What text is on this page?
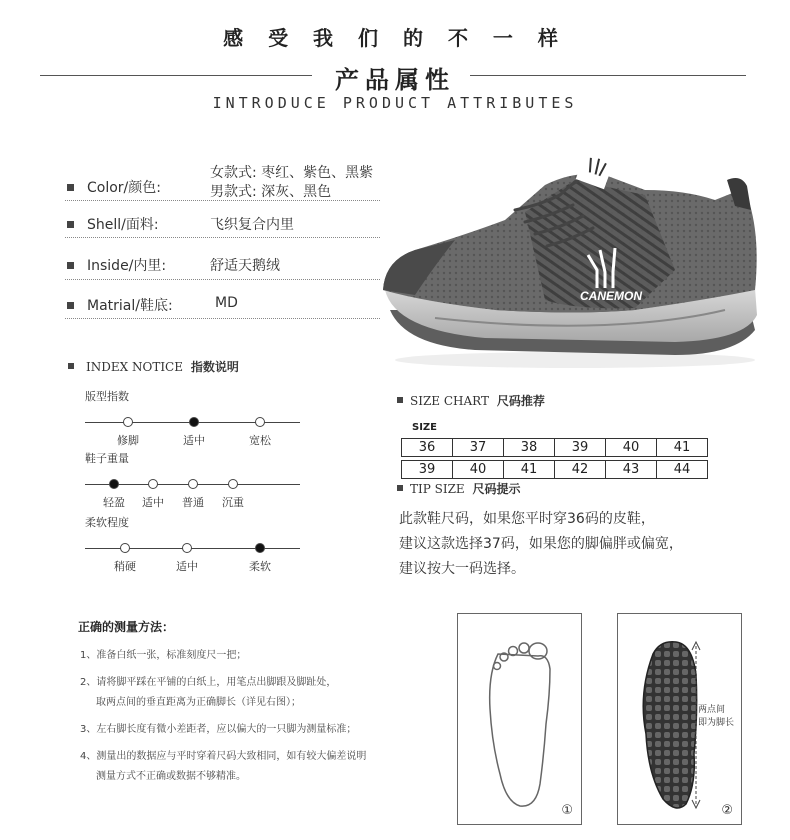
感 受 我 们 的 不 一 样
产品属性
INTRODUCE PRODUCT ATTRIBUTES
Color/颜色:
女款式: 枣红、紫色、黑紫
男款式: 深灰、黑色
Shell/面料:	飞织复合内里
Inside/内里:	舒适天鹅绒
Matrial/鞋底:	MD	CANEMON
INDEX NOTICE 指数说明
版型指数
修脚	适中	宽松
鞋子重量
轻盈 适中 普通 沉重
柔软程度
稍硬	适中	柔软
SIZE CHART 尺码推荐
SIZE
36	37	38	39	40	41
39	40	41	42	43	44
TIP SIZE 尺码提示
此款鞋尺码，如果您平时穿36码的皮鞋，
建议这款选择37码，如果您的脚偏胖或偏宽，
建议按大一码选择。
正确的测量方法：
1、准备白纸一张，标准刻度尺一把；
2、请将脚平踩在平铺的白纸上，用笔点出脚跟及脚趾处，
取两点间的垂直距离为正确脚长（详见右图）；
3、左右脚长度有微小差距者，应以偏大的一只脚为测量标准；
4、测量出的数据应与平时穿着尺码大致相同，如有较大偏差说明
测量方式不正确或数据不够精准。
①
两点间
即为脚长
②
